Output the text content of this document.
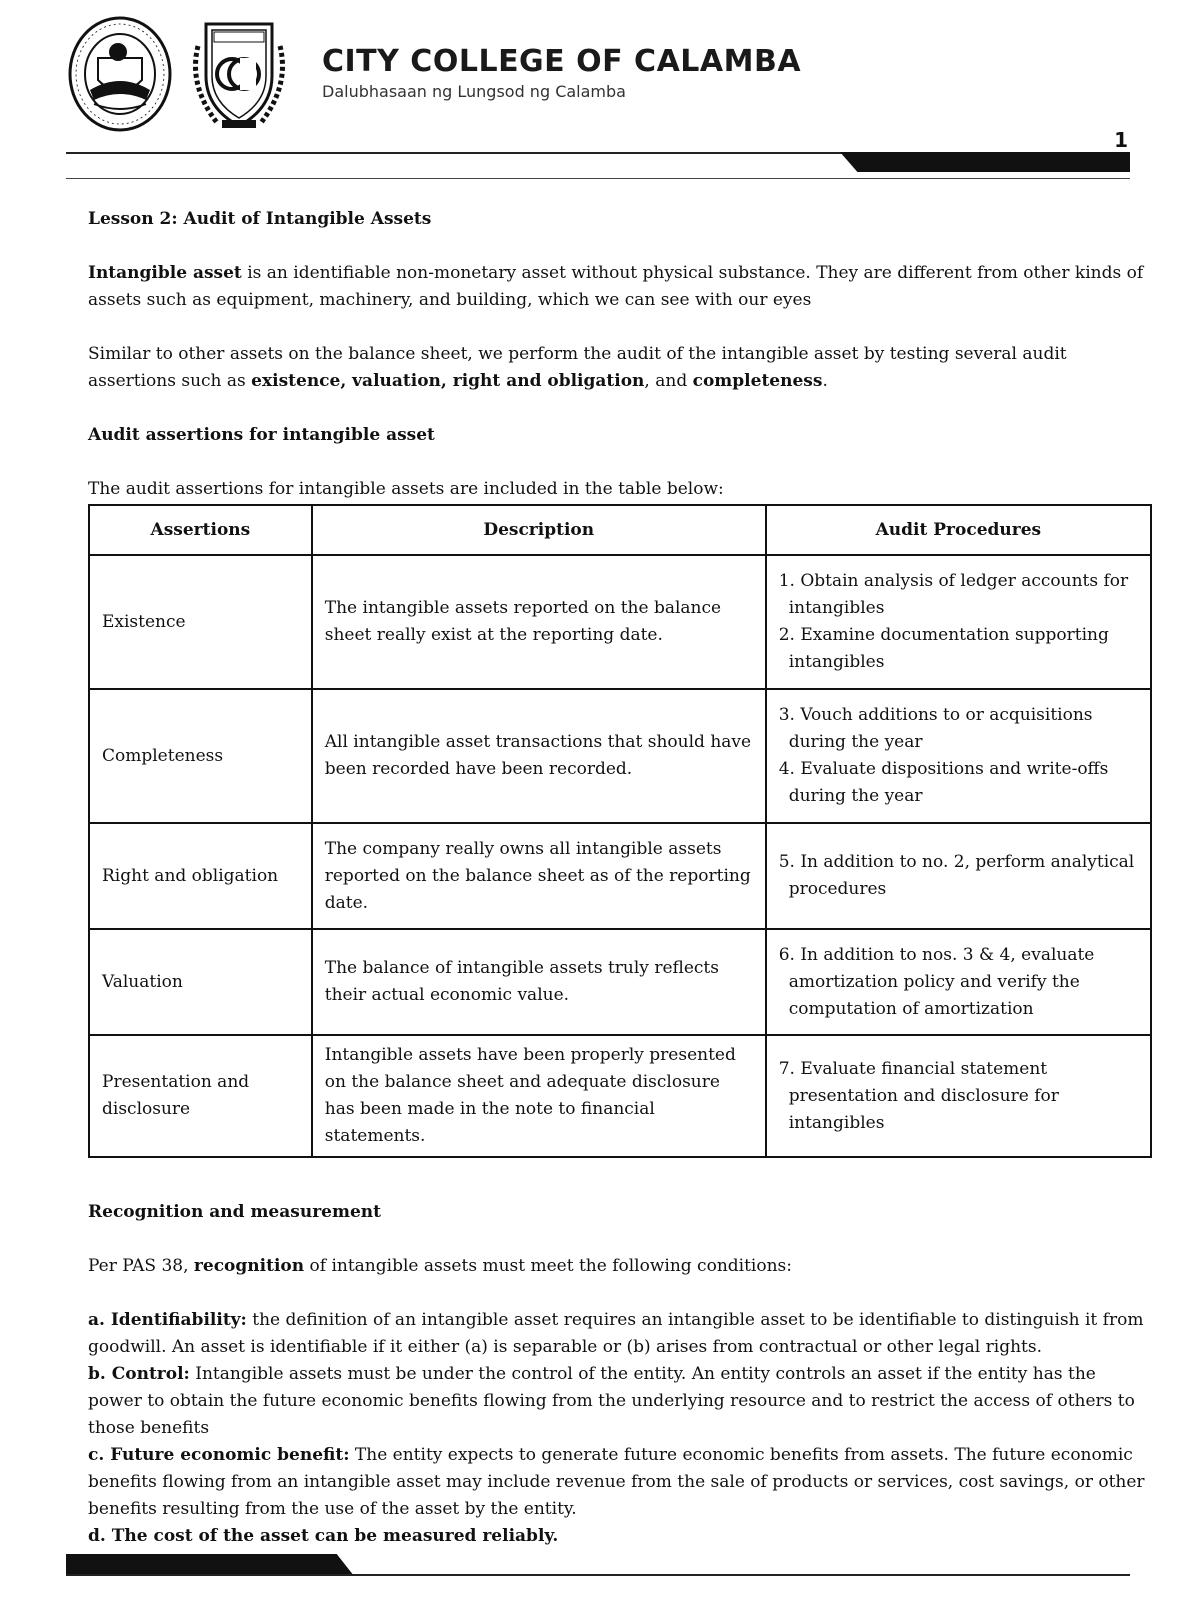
CITY COLLEGE OF CALAMBA
Dalubhasaan ng Lungsod ng Calamba
1

Lesson 2: Audit of Intangible Assets

Intangible asset is an identifiable non-monetary asset without physical substance. They are different from other kinds of assets such as equipment, machinery, and building, which we can see with our eyes

Similar to other assets on the balance sheet, we perform the audit of the intangible asset by testing several audit assertions such as existence, valuation, right and obligation, and completeness.

Audit assertions for intangible asset

The audit assertions for intangible assets are included in the table below:

Assertions	Description	Audit Procedures
Existence	The intangible assets reported on the balance sheet really exist at the reporting date.	1. Obtain analysis of ledger accounts for intangibles
2. Examine documentation supporting intangibles

Completeness	All intangible asset transactions that should have been recorded have been recorded.	3. Vouch additions to or acquisitions during the year
4. Evaluate dispositions and write-offs during the year

Right and obligation	The company really owns all intangible assets reported on the balance sheet as of the reporting date.	5. In addition to no. 2, perform analytical procedures

Valuation	The balance of intangible assets truly reflects their actual economic value.	6. In addition to nos. 3 & 4, evaluate amortization policy and verify the computation of amortization

Presentation and disclosure	Intangible assets have been properly presented on the balance sheet and adequate disclosure has been made in the note to financial statements.	7. Evaluate financial statement presentation and disclosure for intangibles

Recognition and measurement

Per PAS 38, recognition of intangible assets must meet the following conditions:

a. Identifiability: the definition of an intangible asset requires an intangible asset to be identifiable to distinguish it from goodwill. An asset is identifiable if it either (a) is separable or (b) arises from contractual or other legal rights.

b. Control: Intangible assets must be under the control of the entity. An entity controls an asset if the entity has the power to obtain the future economic benefits flowing from the underlying resource and to restrict the access of others to those benefits

c. Future economic benefit: The entity expects to generate future economic benefits from assets. The future economic benefits flowing from an intangible asset may include revenue from the sale of products or services, cost savings, or other benefits resulting from the use of the asset by the entity.

d. The cost of the asset can be measured reliably.
